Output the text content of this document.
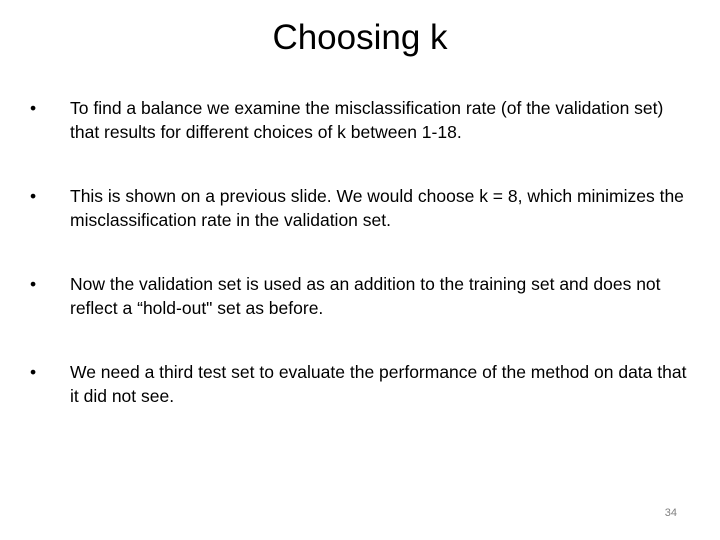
Choosing k
•	To find a balance we examine the misclassification rate (of the validation set) that results for different choices of k between 1-18.
•	This is shown on a previous slide. We would choose k = 8, which minimizes the misclassification rate in the validation set.
•	Now the validation set is used as an addition to the training set and does not reflect a “hold-out" set as before.
•	We need a third test set to evaluate the performance of the method on data that it did not see.
34
